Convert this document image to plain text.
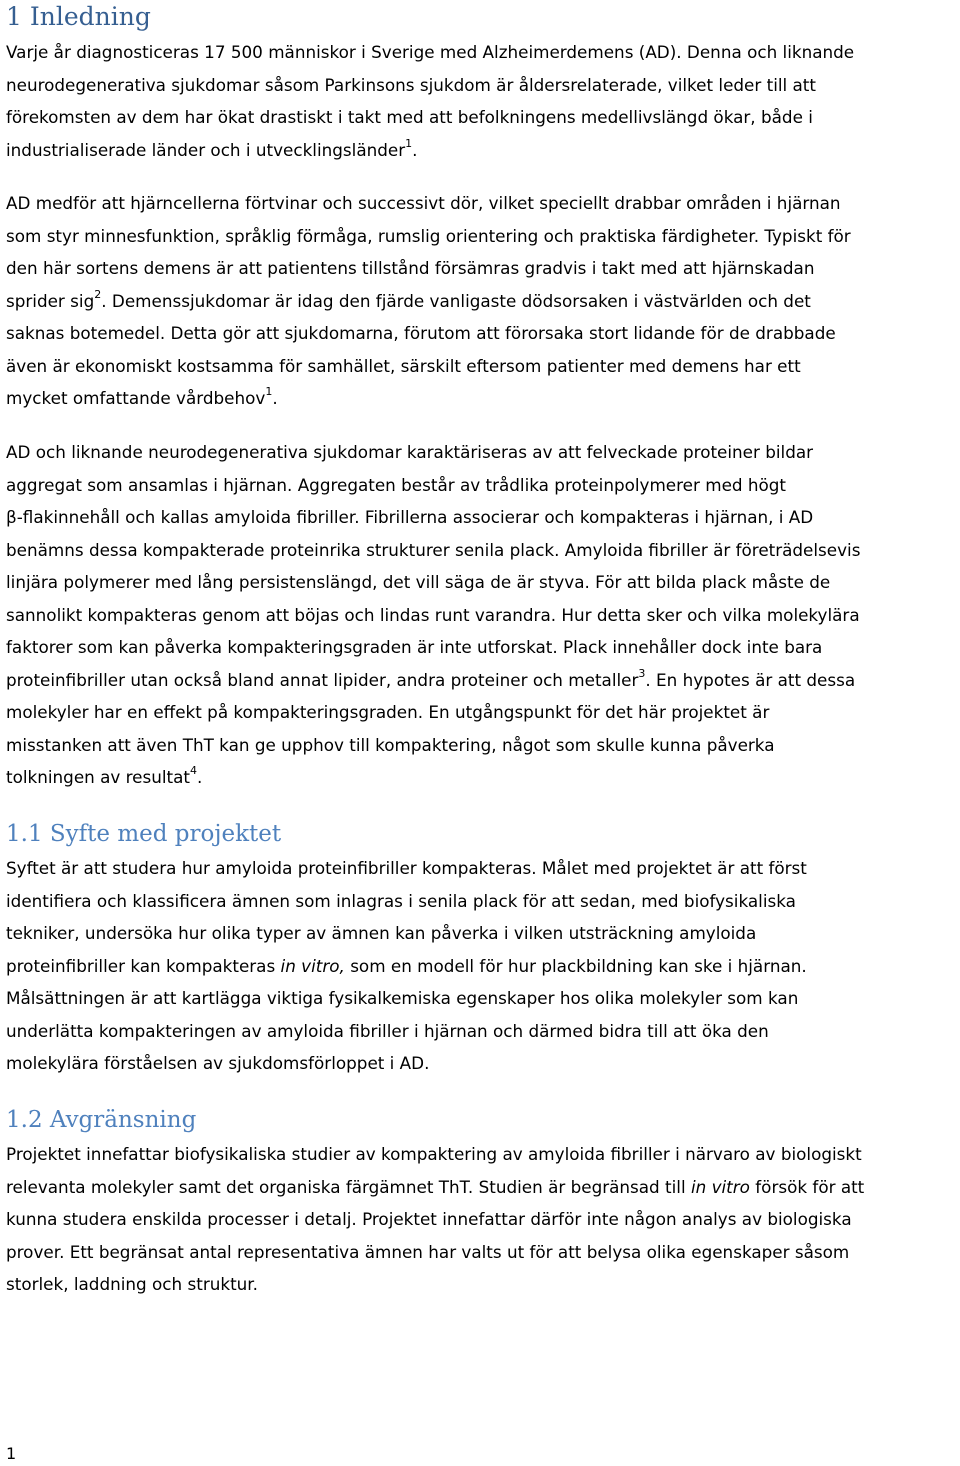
1 Inledning

Varje år diagnosticeras 17 500 människor i Sverige med Alzheimerdemens (AD). Denna och liknande
neurodegenerativa sjukdomar såsom Parkinsons sjukdom är åldersrelaterade, vilket leder till att
förekomsten av dem har ökat drastiskt i takt med att befolkningens medellivslängd ökar, både i
industrialiserade länder och i utvecklingsländer$^1$.

AD medför att hjärncellerna förtvinar och successivt dör, vilket speciellt drabbar områden i hjärnan
som styr minnesfunktion, språklig förmåga, rumslig orientering och praktiska färdigheter. Typiskt för
den här sortens demens är att patientens tillstånd försämras gradvis i takt med att hjärnskadan
sprider sig$^2$. Demenssjukdomar är idag den fjärde vanligaste dödsorsaken i västvärlden och det
saknas botemedel. Detta gör att sjukdomarna, förutom att förorsaka stort lidande för de drabbade
även är ekonomiskt kostsamma för samhället, särskilt eftersom patienter med demens har ett
mycket omfattande vårdbehov$^1$.

AD och liknande neurodegenerativa sjukdomar karaktäriseras av att felveckade proteiner bildar
aggregat som ansamlas i hjärnan. Aggregaten består av trådlika proteinpolymerer med högt
β-flakinnehåll och kallas amyloida fibriller. Fibrillerna associerar och kompakteras i hjärnan, i AD
benämns dessa kompakterade proteinrika strukturer senila plack. Amyloida fibriller är företrädelsevis
linjära polymerer med lång persistenslängd, det vill säga de är styva. För att bilda plack måste de
sannolikt kompakteras genom att böjas och lindas runt varandra. Hur detta sker och vilka molekylära
faktorer som kan påverka kompakteringsgraden är inte utforskat. Plack innehåller dock inte bara
proteinfibriller utan också bland annat lipider, andra proteiner och metaller$^3$. En hypotes är att dessa
molekyler har en effekt på kompakteringsgraden. En utgångspunkt för det här projektet är
misstanken att även ThT kan ge upphov till kompaktering, något som skulle kunna påverka
tolkningen av resultat$^4$.

1.1 Syfte med projektet

Syftet är att studera hur amyloida proteinfibriller kompakteras. Målet med projektet är att först
identifiera och klassificera ämnen som inlagras i senila plack för att sedan, med biofysikaliska
tekniker, undersöka hur olika typer av ämnen kan påverka i vilken utsträckning amyloida
proteinfibriller kan kompakteras in vitro, som en modell för hur plackbildning kan ske i hjärnan.
Målsättningen är att kartlägga viktiga fysikalkemiska egenskaper hos olika molekyler som kan
underlätta kompakteringen av amyloida fibriller i hjärnan och därmed bidra till att öka den
molekylära förståelsen av sjukdomsförloppet i AD.

1.2 Avgränsning

Projektet innefattar biofysikaliska studier av kompaktering av amyloida fibriller i närvaro av biologiskt
relevanta molekyler samt det organiska färgämnet ThT. Studien är begränsad till in vitro försök för att
kunna studera enskilda processer i detalj. Projektet innefattar därför inte någon analys av biologiska
prover. Ett begränsat antal representativa ämnen har valts ut för att belysa olika egenskaper såsom
storlek, laddning och struktur.

1
